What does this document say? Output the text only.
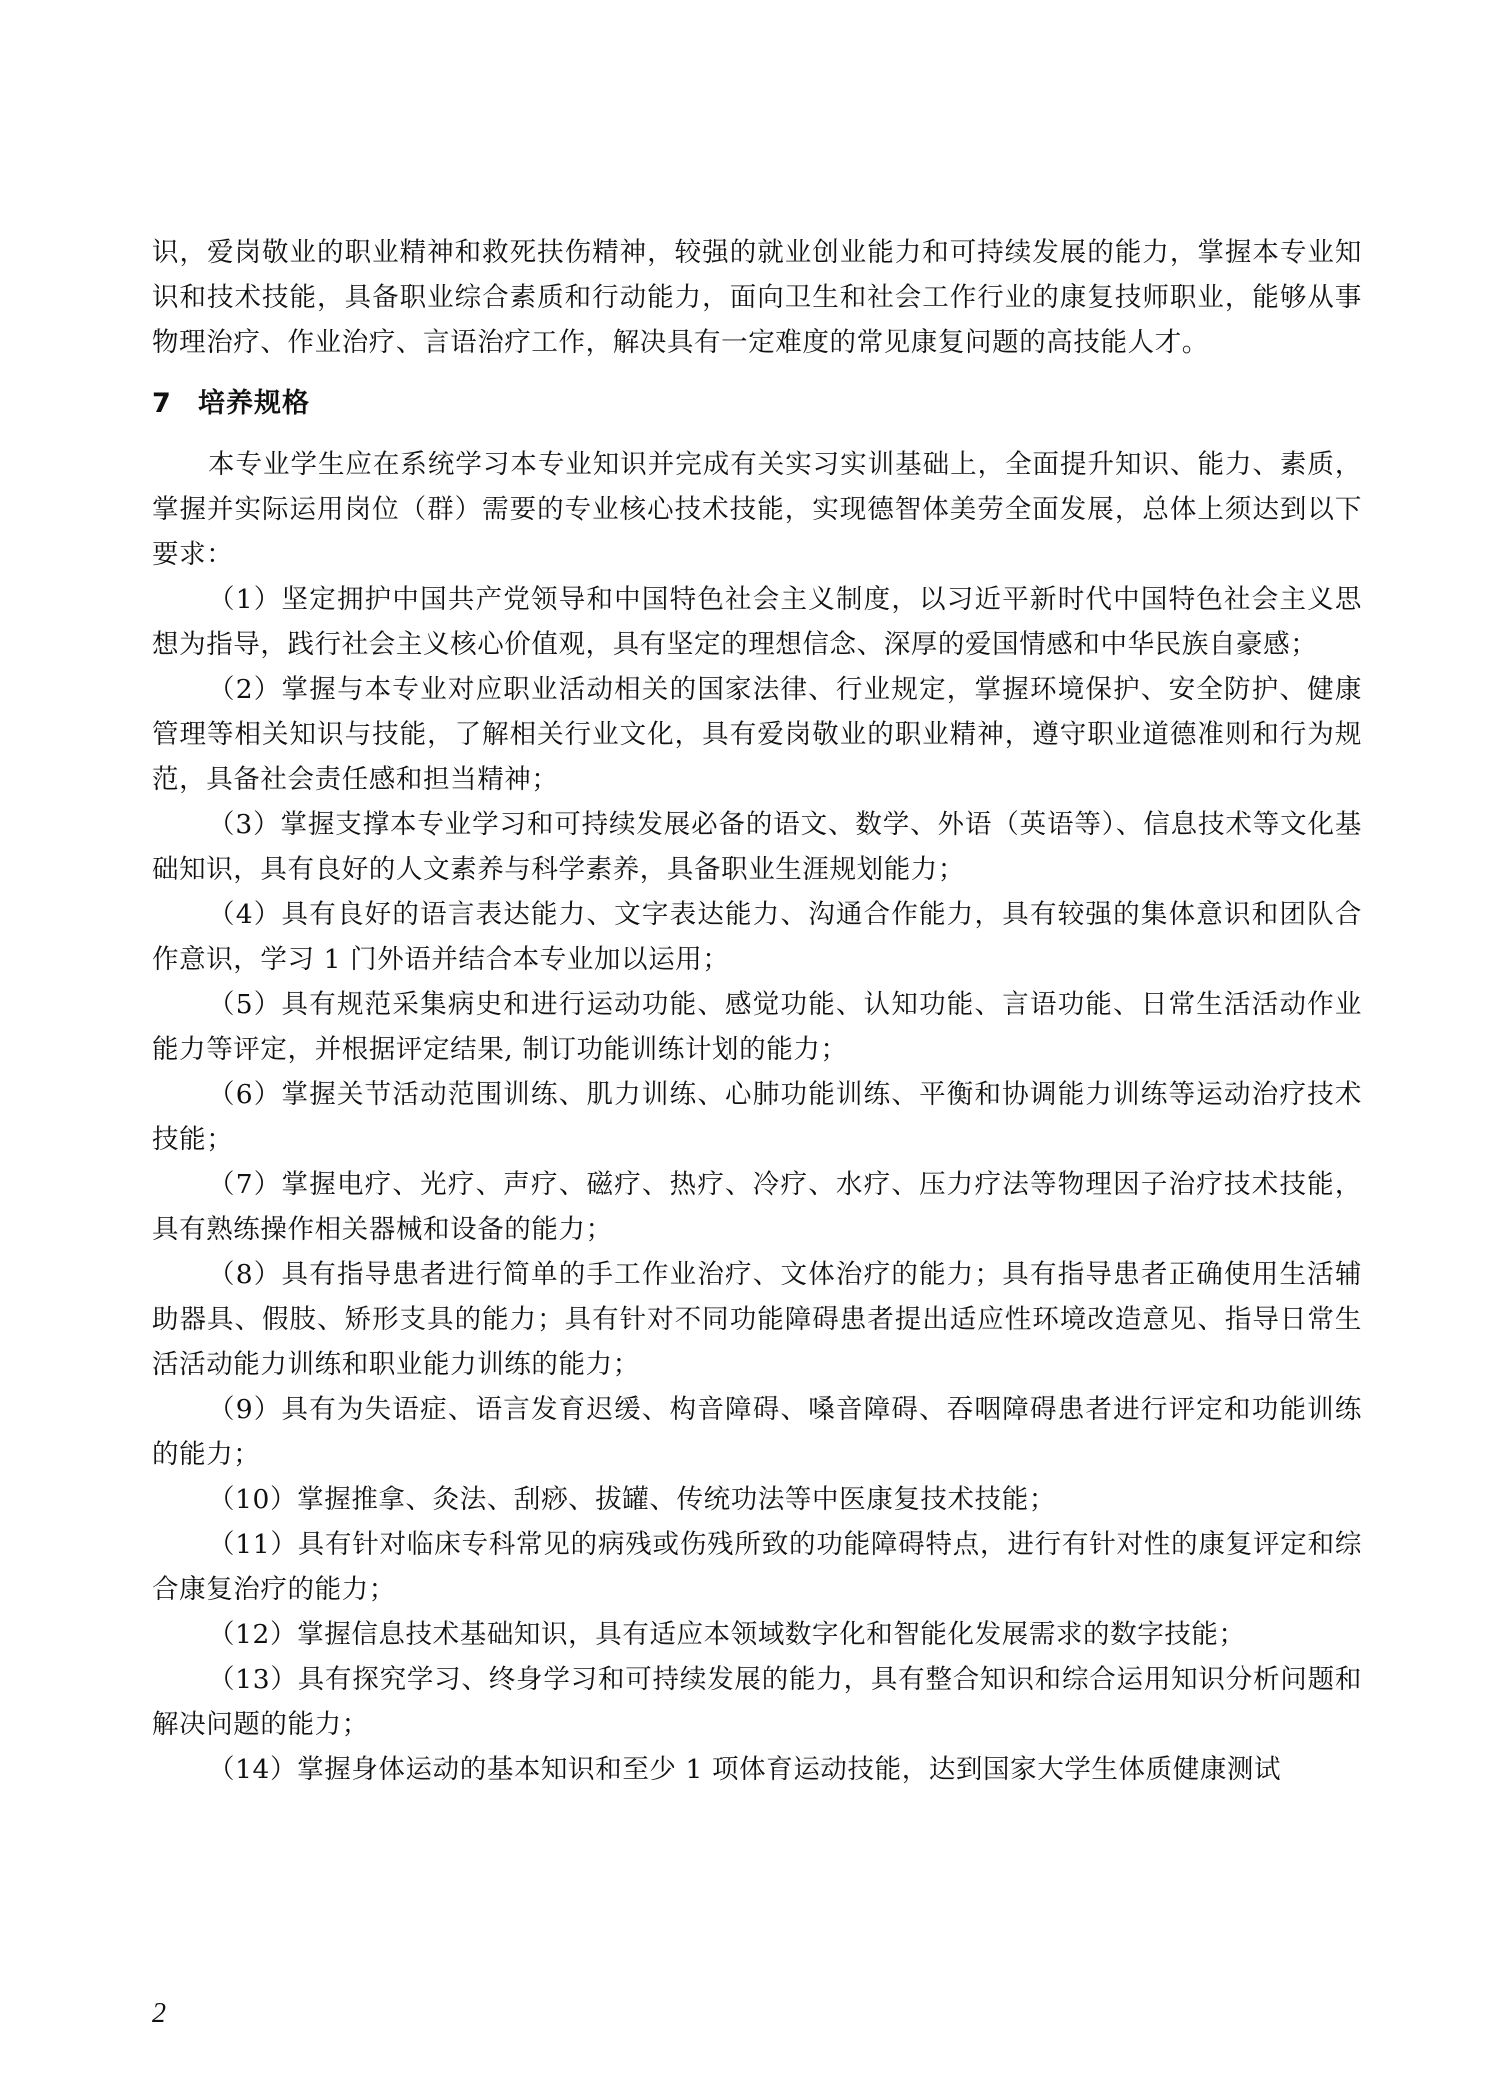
识，爱岗敬业的职业精神和救死扶伤精神，较强的就业创业能力和可持续发展的能力，掌握本专业知识和技术技能，具备职业综合素质和行动能力，面向卫生和社会工作行业的康复技师职业，能够从事物理治疗、作业治疗、言语治疗工作，解决具有一定难度的常见康复问题的高技能人才。

7 培养规格

本专业学生应在系统学习本专业知识并完成有关实习实训基础上，全面提升知识、能力、素质，掌握并实际运用岗位（群）需要的专业核心技术技能，实现德智体美劳全面发展，总体上须达到以下要求：

（1）坚定拥护中国共产党领导和中国特色社会主义制度，以习近平新时代中国特色社会主义思想为指导，践行社会主义核心价值观，具有坚定的理想信念、深厚的爱国情感和中华民族自豪感；

（2）掌握与本专业对应职业活动相关的国家法律、行业规定，掌握环境保护、安全防护、健康管理等相关知识与技能，了解相关行业文化，具有爱岗敬业的职业精神，遵守职业道德准则和行为规范，具备社会责任感和担当精神；

（3）掌握支撑本专业学习和可持续发展必备的语文、数学、外语（英语等）、信息技术等文化基础知识，具有良好的人文素养与科学素养，具备职业生涯规划能力；

（4）具有良好的语言表达能力、文字表达能力、沟通合作能力，具有较强的集体意识和团队合作意识，学习 1 门外语并结合本专业加以运用；

（5）具有规范采集病史和进行运动功能、感觉功能、认知功能、言语功能、日常生活活动作业能力等评定，并根据评定结果, 制订功能训练计划的能力；

（6）掌握关节活动范围训练、肌力训练、心肺功能训练、平衡和协调能力训练等运动治疗技术技能；

（7）掌握电疗、光疗、声疗、磁疗、热疗、冷疗、水疗、压力疗法等物理因子治疗技术技能，具有熟练操作相关器械和设备的能力；

（8）具有指导患者进行简单的手工作业治疗、文体治疗的能力；具有指导患者正确使用生活辅助器具、假肢、矫形支具的能力；具有针对不同功能障碍患者提出适应性环境改造意见、指导日常生活活动能力训练和职业能力训练的能力；

（9）具有为失语症、语言发育迟缓、构音障碍、嗓音障碍、吞咽障碍患者进行评定和功能训练的能力；

（10）掌握推拿、灸法、刮痧、拔罐、传统功法等中医康复技术技能；

（11）具有针对临床专科常见的病残或伤残所致的功能障碍特点，进行有针对性的康复评定和综合康复治疗的能力；

（12）掌握信息技术基础知识，具有适应本领域数字化和智能化发展需求的数字技能；

（13）具有探究学习、终身学习和可持续发展的能力，具有整合知识和综合运用知识分析问题和解决问题的能力；

（14）掌握身体运动的基本知识和至少 1 项体育运动技能，达到国家大学生体质健康测试

2
